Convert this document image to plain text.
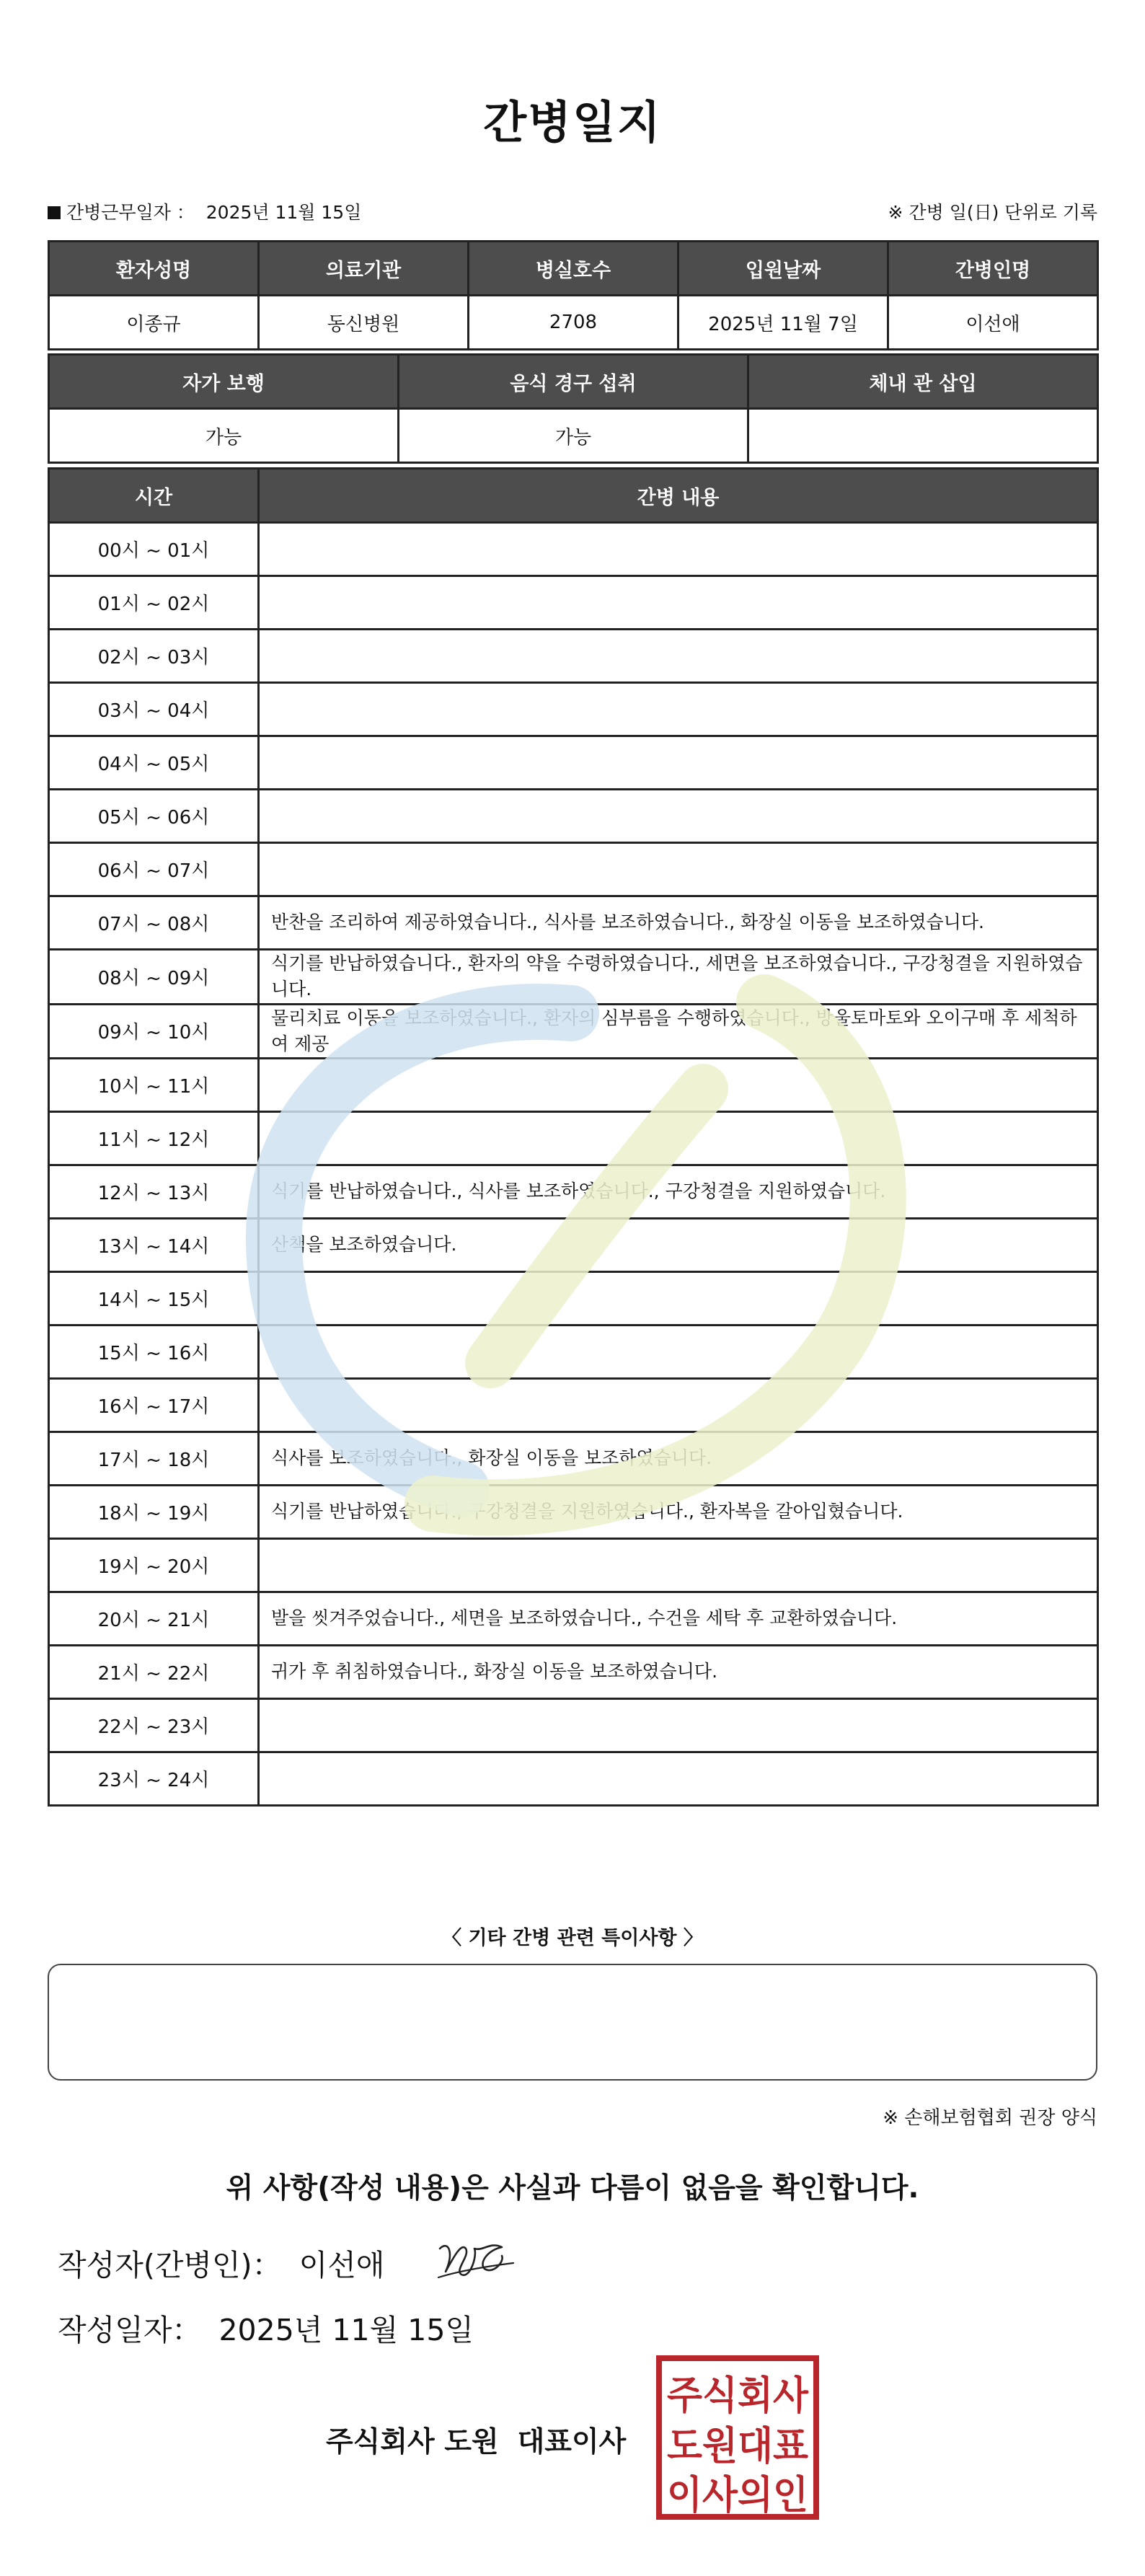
간병일지
간병근무일자 ： 2025년 11월 15일	※ 간병 일(日) 단위로 기록
환자성명	의료기관	병실호수	입원날짜	간병인명
이종규	동신병원	2708	2025년 11월 7일	이선애
자가 보행	음식 경구 섭취	체내 관 삽입
가능	가능	
시간	간병 내용
00시 ~ 01시	
01시 ~ 02시	
02시 ~ 03시	
03시 ~ 04시	
04시 ~ 05시	
05시 ~ 06시	
06시 ~ 07시	
07시 ~ 08시	반찬을 조리하여 제공하였습니다., 식사를 보조하였습니다., 화장실 이동을 보조하였습니다.
08시 ~ 09시	식기를 반납하였습니다., 환자의 약을 수령하였습니다., 세면을 보조하였습니다., 구강청결을 지원하였습니다.
09시 ~ 10시	물리치료 이동을 보조하였습니다., 환자의 심부름을 수행하였습니다., 방울토마토와 오이구매 후 세척하여 제공
10시 ~ 11시	
11시 ~ 12시	
12시 ~ 13시	식기를 반납하였습니다., 식사를 보조하였습니다., 구강청결을 지원하였습니다.
13시 ~ 14시	산책을 보조하였습니다.
14시 ~ 15시	
15시 ~ 16시	
16시 ~ 17시	
17시 ~ 18시	식사를 보조하였습니다., 화장실 이동을 보조하였습니다.
18시 ~ 19시	식기를 반납하였습니다., 구강청결을 지원하였습니다., 환자복을 갈아입혔습니다.
19시 ~ 20시	
20시 ~ 21시	발을 씻겨주었습니다., 세면을 보조하였습니다., 수건을 세탁 후 교환하였습니다.
21시 ~ 22시	귀가 후 취침하였습니다., 화장실 이동을 보조하였습니다.
22시 ~ 23시	
23시 ~ 24시	
〈 기타 간병 관련 특이사항 〉
※ 손해보험협회 권장 양식
위 사항(작성 내용)은 사실과 다름이 없음을 확인합니다.
작성자(간병인)： 이선애
작성일자： 2025년 11월 15일
주식회사 도원 대표이사
주식회사
도원대표
이사의인
